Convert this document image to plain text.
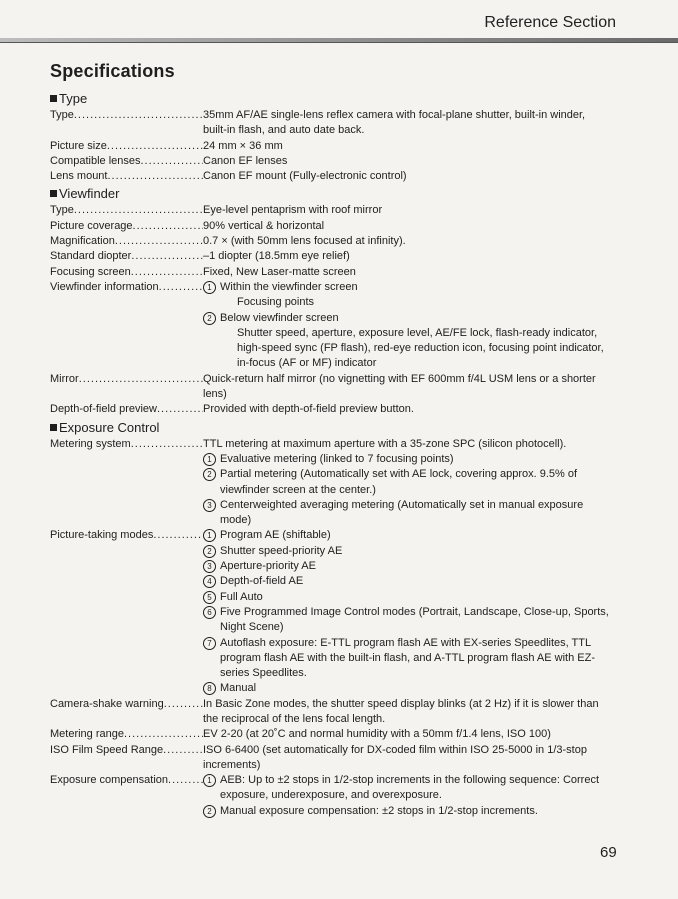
Reference Section
Specifications
Type
Type .....	35mm AF/AE single-lens reflex camera with focal-plane shutter, built-in winder, built-in flash, and auto date back.
Picture size .....	24 mm × 36 mm
Compatible lenses .....	Canon EF lenses
Lens mount .....	Canon EF mount (Fully-electronic control)
Viewfinder
Type .....	Eye-level pentaprism with roof mirror
Picture coverage .....	90% vertical & horizontal
Magnification .....	0.7 × (with 50mm lens focused at infinity).
Standard diopter .....	–1 diopter (18.5mm eye relief)
Focusing screen .....	Fixed, New Laser-matte screen
Viewfinder information .....	1 Within the viewfinder screen
Focusing points
2 Below viewfinder screen
Shutter speed, aperture, exposure level, AE/FE lock, flash-ready indicator, high-speed sync (FP flash), red-eye reduction icon, focusing point indicator, in-focus (AF or MF) indicator
Mirror .....	Quick-return half mirror (no vignetting with EF 600mm f/4L USM lens or a shorter lens)
Depth-of-field preview .....	Provided with depth-of-field preview button.
Exposure Control
Metering system .....	TTL metering at maximum aperture with a 35-zone SPC (silicon photocell).
1 Evaluative metering (linked to 7 focusing points)
2 Partial metering (Automatically set with AE lock, covering approx. 9.5% of viewfinder screen at the center.)
3 Centerweighted averaging metering (Automatically set in manual exposure mode)
Picture-taking modes .....	1 Program AE (shiftable)
2 Shutter speed-priority AE
3 Aperture-priority AE
4 Depth-of-field AE
5 Full Auto
6 Five Programmed Image Control modes (Portrait, Landscape, Close-up, Sports, Night Scene)
7 Autoflash exposure: E-TTL program flash AE with EX-series Speedlites, TTL program flash AE with the built-in flash, and A-TTL program flash AE with EZ-series Speedlites.
8 Manual
Camera-shake warning .....	In Basic Zone modes, the shutter speed display blinks (at 2 Hz) if it is slower than the reciprocal of the lens focal length.
Metering range .....	EV 2-20 (at 20˚C and normal humidity with a 50mm f/1.4 lens, ISO 100)
ISO Film Speed Range .....	ISO 6-6400 (set automatically for DX-coded film within ISO 25-5000 in 1/3-stop increments)
Exposure compensation .....	1 AEB: Up to ±2 stops in 1/2-stop increments in the following sequence: Correct exposure, underexposure, and overexposure.
2 Manual exposure compensation: ±2 stops in 1/2-stop increments.
69
